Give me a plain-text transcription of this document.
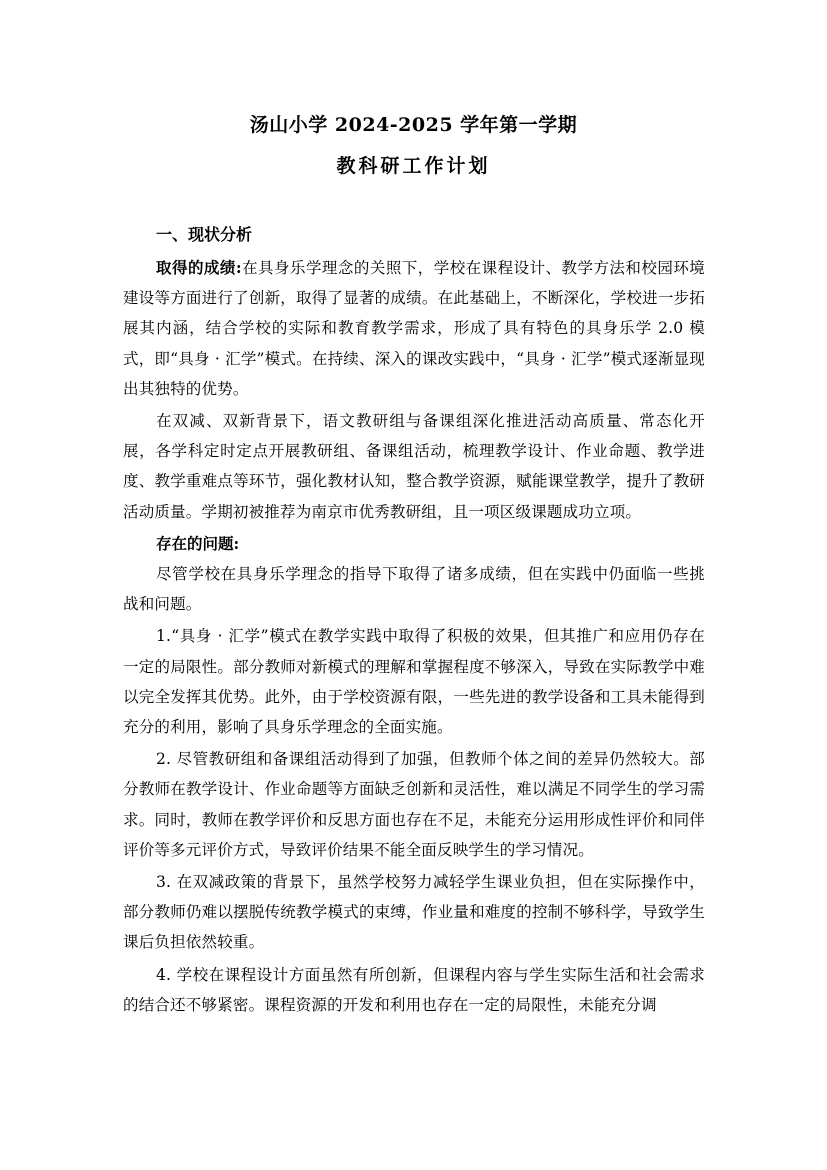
汤山小学 2024-2025 学年第一学期
教科研工作计划
一、现状分析

取得的成绩:在具身乐学理念的关照下，学校在课程设计、教学方法和校园环境建设等方面进行了创新，取得了显著的成绩。在此基础上，不断深化，学校进一步拓展其内涵，结合学校的实际和教育教学需求，形成了具有特色的具身乐学 2.0 模式，即“具身 · 汇学”模式。在持续、深入的课改实践中，“具身 · 汇学”模式逐渐显现出其独特的优势。

在双减、双新背景下，语文教研组与备课组深化推进活动高质量、常态化开展，各学科定时定点开展教研组、备课组活动，梳理教学设计、作业命题、教学进度、教学重难点等环节，强化教材认知，整合教学资源，赋能课堂教学，提升了教研活动质量。学期初被推荐为南京市优秀教研组，且一项区级课题成功立项。

存在的问题:

尽管学校在具身乐学理念的指导下取得了诸多成绩，但在实践中仍面临一些挑战和问题。

1.“具身 · 汇学”模式在教学实践中取得了积极的效果，但其推广和应用仍存在一定的局限性。部分教师对新模式的理解和掌握程度不够深入，导致在实际教学中难以完全发挥其优势。此外，由于学校资源有限，一些先进的教学设备和工具未能得到充分的利用，影响了具身乐学理念的全面实施。

2. 尽管教研组和备课组活动得到了加强，但教师个体之间的差异仍然较大。部分教师在教学设计、作业命题等方面缺乏创新和灵活性，难以满足不同学生的学习需求。同时，教师在教学评价和反思方面也存在不足，未能充分运用形成性评价和同伴评价等多元评价方式，导致评价结果不能全面反映学生的学习情况。

3. 在双减政策的背景下，虽然学校努力减轻学生课业负担，但在实际操作中，部分教师仍难以摆脱传统教学模式的束缚，作业量和难度的控制不够科学，导致学生课后负担依然较重。

4. 学校在课程设计方面虽然有所创新，但课程内容与学生实际生活和社会需求的结合还不够紧密。课程资源的开发和利用也存在一定的局限性，未能充分调
